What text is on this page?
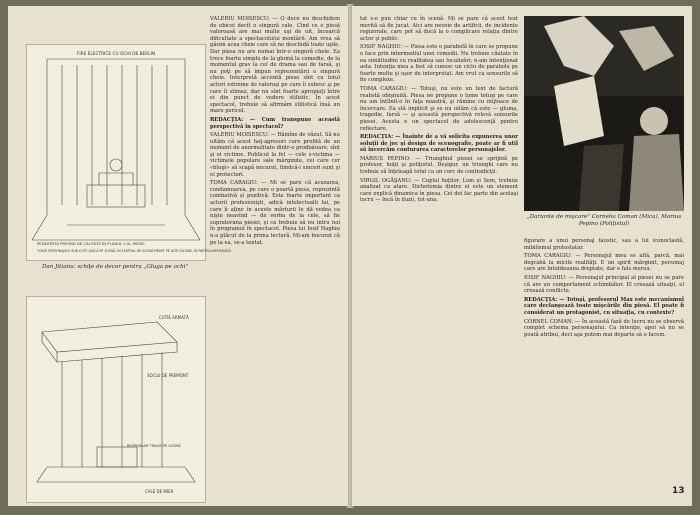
FIRE ELECTRICE CU OCHI DE BERLIN
PEDEAPSTA PRIVIND DE CALITATE ÎN PLANUL II AL PIESEI
TOATE PERSONAJELE SUB COTE JOACĂ PE SCENĂ, ÎN TEATRUL DE SCENĂ PRIMIT PE ALTE ESCENE, ÎN PARTEA INFERIOARĂ
Dan Jitianu: schiţe de decor pentru „Gluga pe ochi"
CUTIE ARMATĂ
SOCLU DE PREMONT
RESPENSAR TRAGE PE SCENĂ
CALE DE MIER

VALERIU MOISESCU: — O dece nu deschidem de obicei decît o singură cale. Cînd ce o piesă valoroasă are mai multe uşi de uit, încearcă dificultate a spectacolului montării. Am vrea să găsim acea cheie care să ne deschidă toate uşile. Dar piesa nu are numai într-o singură cheie. Ea trece foarte simplu de la glumă la comedie, de la momentul grav la cel de drama sau de farsă, şi nu poţi pe să impun reprezentării o singură cheie. Interpretă accentă piese sînt cu totul actori extreme de valoroşi pe care îi subesc şi pe care îi stimez, dar nu sînt foarte apropiaţi între ei din punct de vedere stilistic. În acest spectacol, trebuie să afirmăm stilistică însă un mare pericol.

REDACŢIA: — Cum transpune această perspectivă în spectacol?

VALERIU MOISESCU: — Rămîne de văzut. Să nu uităm că acest haţ-agresori care profită de un moment de anormalitate dintr-o prodiatoare, sînt şi ei victime. Publicul la fel — cele s-victima — victimele populare sale mărginite, cei care cer «blugi» să scapă necurat, fiindcă-i sinceri sunt şi ei protectori.

TOMA CARAGIU: — Mi se pare că acuzarea, condamnarea, pe care o poartă piesa, reprezintă combativă şi pozitivă. Este foarte important ca actorii profesionişti, adică intelectualii lui, pe care îi aţine în aceste mărturii le dă vedea ca nişte neavînd — de vorba de la cele, să fie supraterana piesei, şi ca trebuie să nu intru noi în programul în spectacol. Piesa lui Iosif Naghiu n-a plăcut de la prima lectură. Mi-am bucurat că pe la ea, se-a tentat.

tat s-o pun chiar cu în scenă. Mi se pare că acest text merită să fie jucat. Aici are nevoie de artificii, de incidente regizorale, care pot să ducă la o complicare relaţia dintre actor şi public.

IOSIF NAGHIU: — Piesa este o parabolă în care se propune o face prin intermediul unei comedii. Nu trebuie căutate în ea similitudini cu realitatea sau localizări; n-am intenţionat asta. Intenţia mea a fost să cunosc un ciclu de parabole pe foarte multe şi uşor de interpretat. Am vrut ca sensurile să fie complexe.

TOMA CARAGIU: — Totuşi, nu este un text de factură realistă obişnuită. Piesa ne propune o lume totuşi pe care nu am întîlnit-o în faţa noastră, şi rămîne cu mijloace de încercare. Ea stă implicit şi se nu uităm că este — gluma, tragedie, farsă — şi această perspectivă relevă sensurile piesei. Acesta e un spectacol de adolescenţă pentru reflectare.

REDACŢIA: — Înainte de a vă solicita expunerea unor soluţii de joc şi design de scenografie, poate ar fi util să încercăm conturarea caracterelor personajelor.

MARIUS PEPINO: — Triunghiul piesei se sprijină pe profesor, hoţii şi poliţistul. Deşigur, un triunghi care nu trebuie să înţeleagă totul ca un cerc de contradicţii.

VIRGIL OGĂŞANU: — Cuplul hoţilor, Lom și Sem, trebuie analizat ca atare. Dichotomia dintre ei este un element care explică dinamica în piesa. Cei doi fac parte din acelaşi lucru — încă în iluzii, tot-una.

„Dariante de mişcare" Cornelia Coman (Mica), Marius Pepino (Poliţistul)

figurare a unui personaj faustic, sau a lui iconoclastă, mibilismul protestatar.

TOMA CARAGIU: — Personajul meu se află, parcă, mai degrabă la micile realităţi. E un spirit mărginit, personaj care are întotdeauna dreptate, dar e fals mereu.

IOSIF NAGHIU: — Personajul principal al piesei nu se pare că are un comportament schimbător. El creează situaţii, el creează conflicte.

REDACŢIA: — Totuşi, profesorul Max este mecanismul care declanşează toate mişcările din piesă. El poate fi considerat un protagonist, cu situaţia, cu contexte?

CORNEL COMAN: — În această fază de lucru nu se observă complet schema personajului. Ca intenţie, apoi să nu se poată atribui, deci aşa putem mai departe să o facem.

13
